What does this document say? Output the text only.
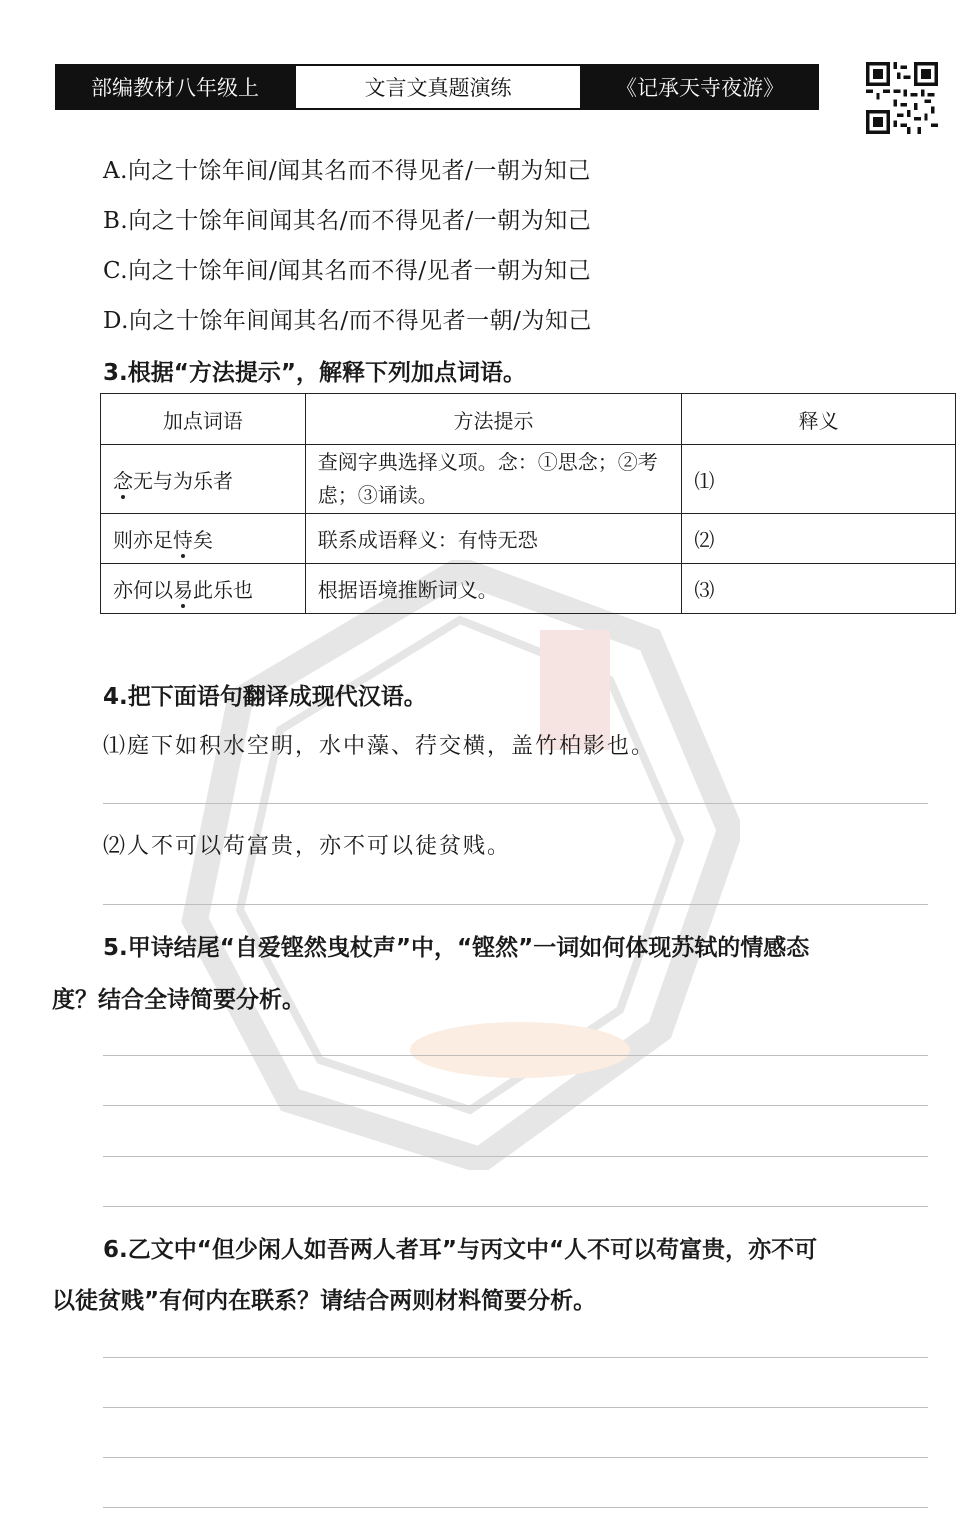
部编教材八年级上	文言文真题演练	《记承天寺夜游》
A.向之十馀年间/闻其名而不得见者/一朝为知己
B.向之十馀年间闻其名/而不得见者/一朝为知己
C.向之十馀年间/闻其名而不得/见者一朝为知己
D.向之十馀年间闻其名/而不得见者一朝/为知己
3.根据“方法提示”，解释下列加点词语。
加点词语	方法提示	释义
念无与为乐者	查阅字典选择义项。念：①思念；②考虑；③诵读。	⑴
则亦足恃矣	联系成语释义：有恃无恐	⑵
亦何以易此乐也	根据语境推断词义。	⑶
4.把下面语句翻译成现代汉语。
⑴庭下如积水空明，水中藻、荇交横，盖竹柏影也。
⑵人不可以苟富贵，亦不可以徒贫贱。
5.甲诗结尾“自爱铿然曳杖声”中，“铿然”一词如何体现苏轼的情感态
度？结合全诗简要分析。
6.乙文中“但少闲人如吾两人者耳”与丙文中“人不可以苟富贵，亦不可
以徒贫贱”有何内在联系？请结合两则材料简要分析。
